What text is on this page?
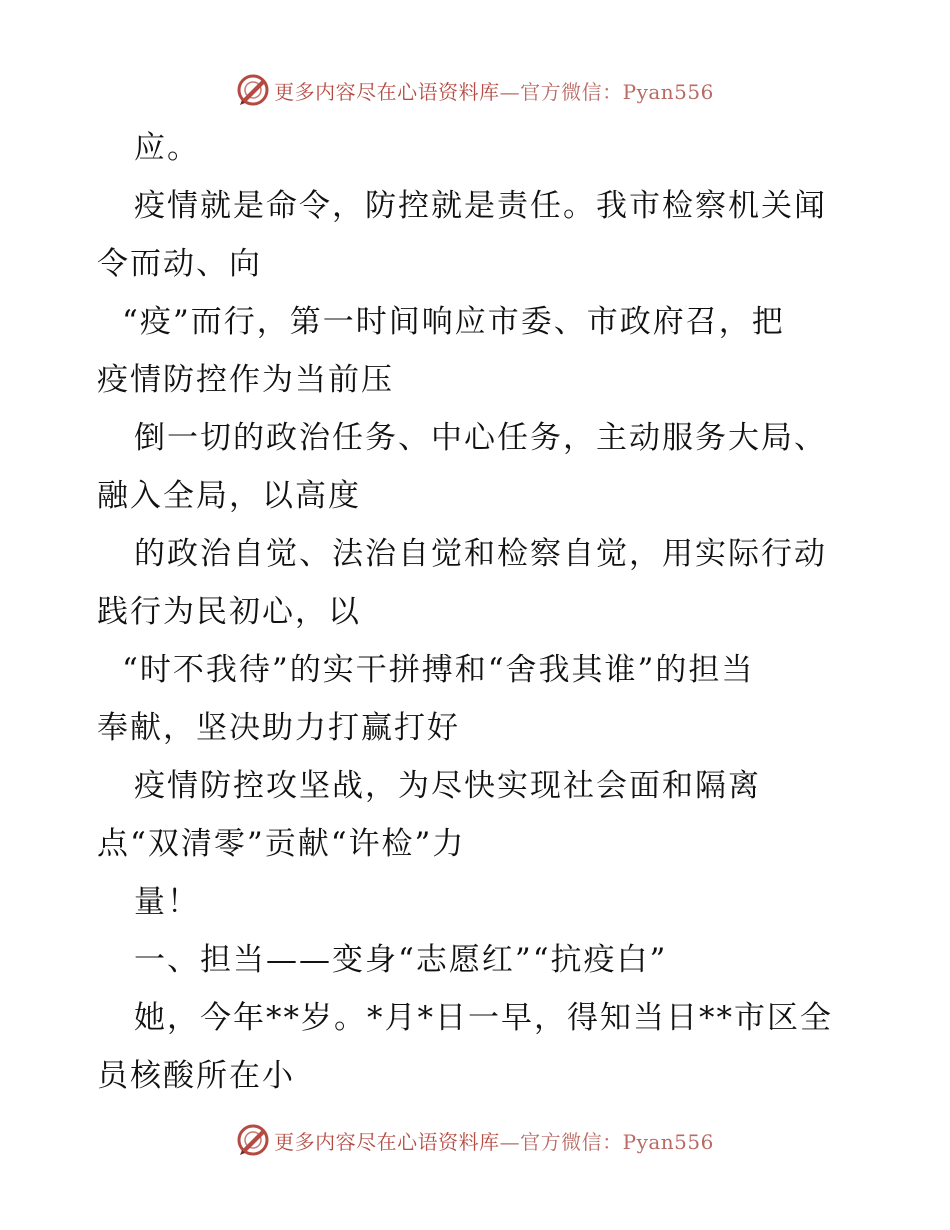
更多内容尽在心语资料库—官方微信：Pyan556
应。
疫情就是命令，防控就是责任。我市检察机关闻
令而动、向
“疫”而行，第一时间响应市委、市政府召，把
疫情防控作为当前压
倒一切的政治任务、中心任务，主动服务大局、
融入全局，以高度
的政治自觉、法治自觉和检察自觉，用实际行动
践行为民初心，以
“时不我待”的实干拼搏和“舍我其谁”的担当
奉献，坚决助力打赢打好
疫情防控攻坚战，为尽快实现社会面和隔离
点“双清零”贡献“许检”力
量！
一、担当——变身“志愿红”“抗疫白”
她，今年**岁。*月*日一早，得知当日**市区全
员核酸所在小
更多内容尽在心语资料库—官方微信：Pyan556
